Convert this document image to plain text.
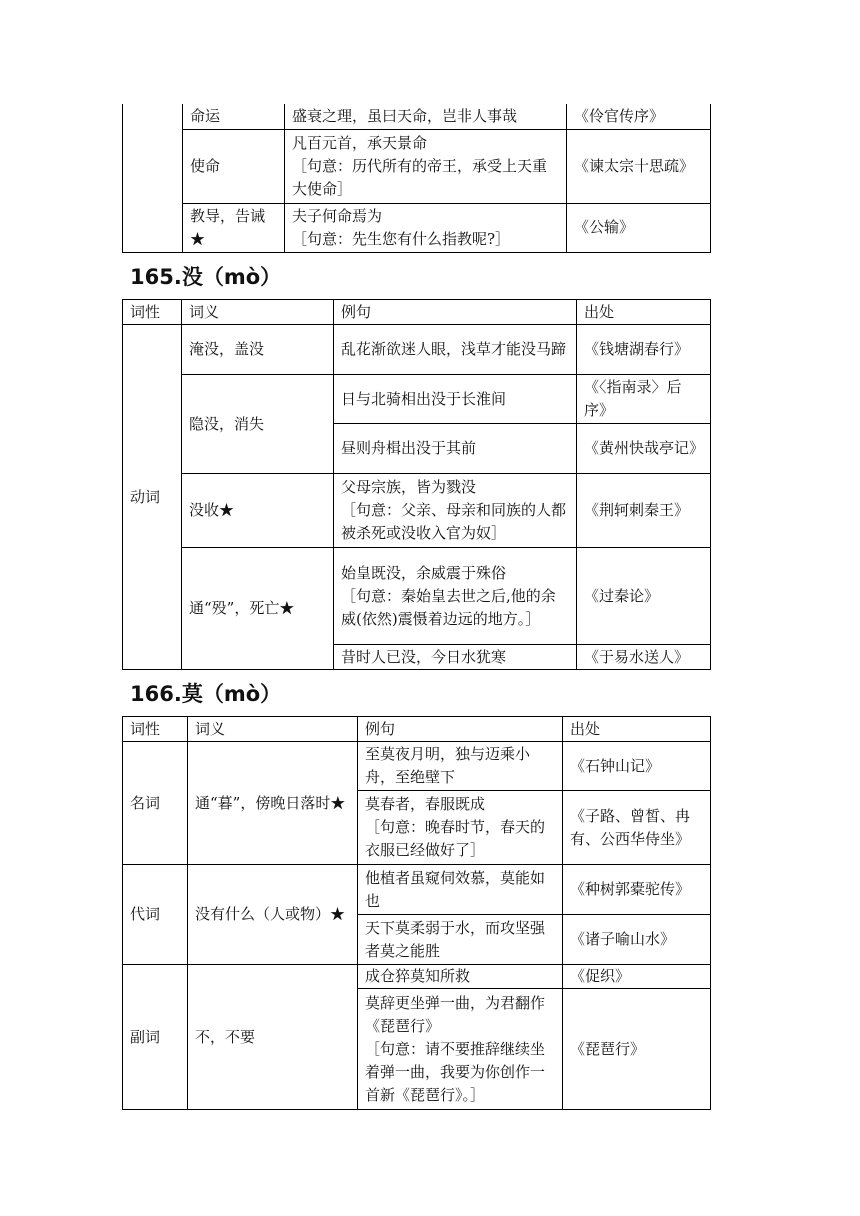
	命运	盛衰之理，虽曰天命，岂非人事哉	《伶官传序》
	使命	凡百元首，承天景命
［句意：历代所有的帝王，承受上天重大使命］	《谏太宗十思疏》
	教导，告诫★	夫子何命焉为
［句意：先生您有什么指教呢?］	《公输》
165.没（mò）
词性	词义	例句	出处
动词	淹没，盖没	乱花渐欲迷人眼，浅草才能没马蹄	《钱塘湖春行》
	隐没，消失	日与北骑相出没于长淮间	《〈指南录〉后序》

		昼则舟楫出没于其前	《黄州快哉亭记》
	没收★	父母宗族，皆为戮没
［句意：父亲、母亲和同族的人都被杀死或没收入官为奴］	《荆轲刺秦王》
	通“殁”，死亡★	始皇既没，余威震于殊俗
［句意：秦始皇去世之后,他的余威(依然)震慑着边远的地方。］	《过秦论》

		昔时人已没，今日水犹寒	《于易水送人》
166.莫（mò）
词性	词义	例句	出处
名词	通“暮”，傍晚日落时★	至莫夜月明，独与迈乘小舟，至绝壁下	《石钟山记》

		莫春者，春服既成
［句意：晚春时节，春天的衣服已经做好了］	《子路、曾皙、冉有、公西华侍坐》
代词	没有什么（人或物）★	他植者虽窥伺效慕，莫能如也	《种树郭橐驼传》

		天下莫柔弱于水，而攻坚强者莫之能胜	《诸子喻山水》
副词	不，不要	成仓猝莫知所救	《促织》

		莫辞更坐弹一曲，为君翻作《琵琶行》
［句意：请不要推辞继续坐着弹一曲，我要为你创作一首新《琵琶行》。］	《琵琶行》
